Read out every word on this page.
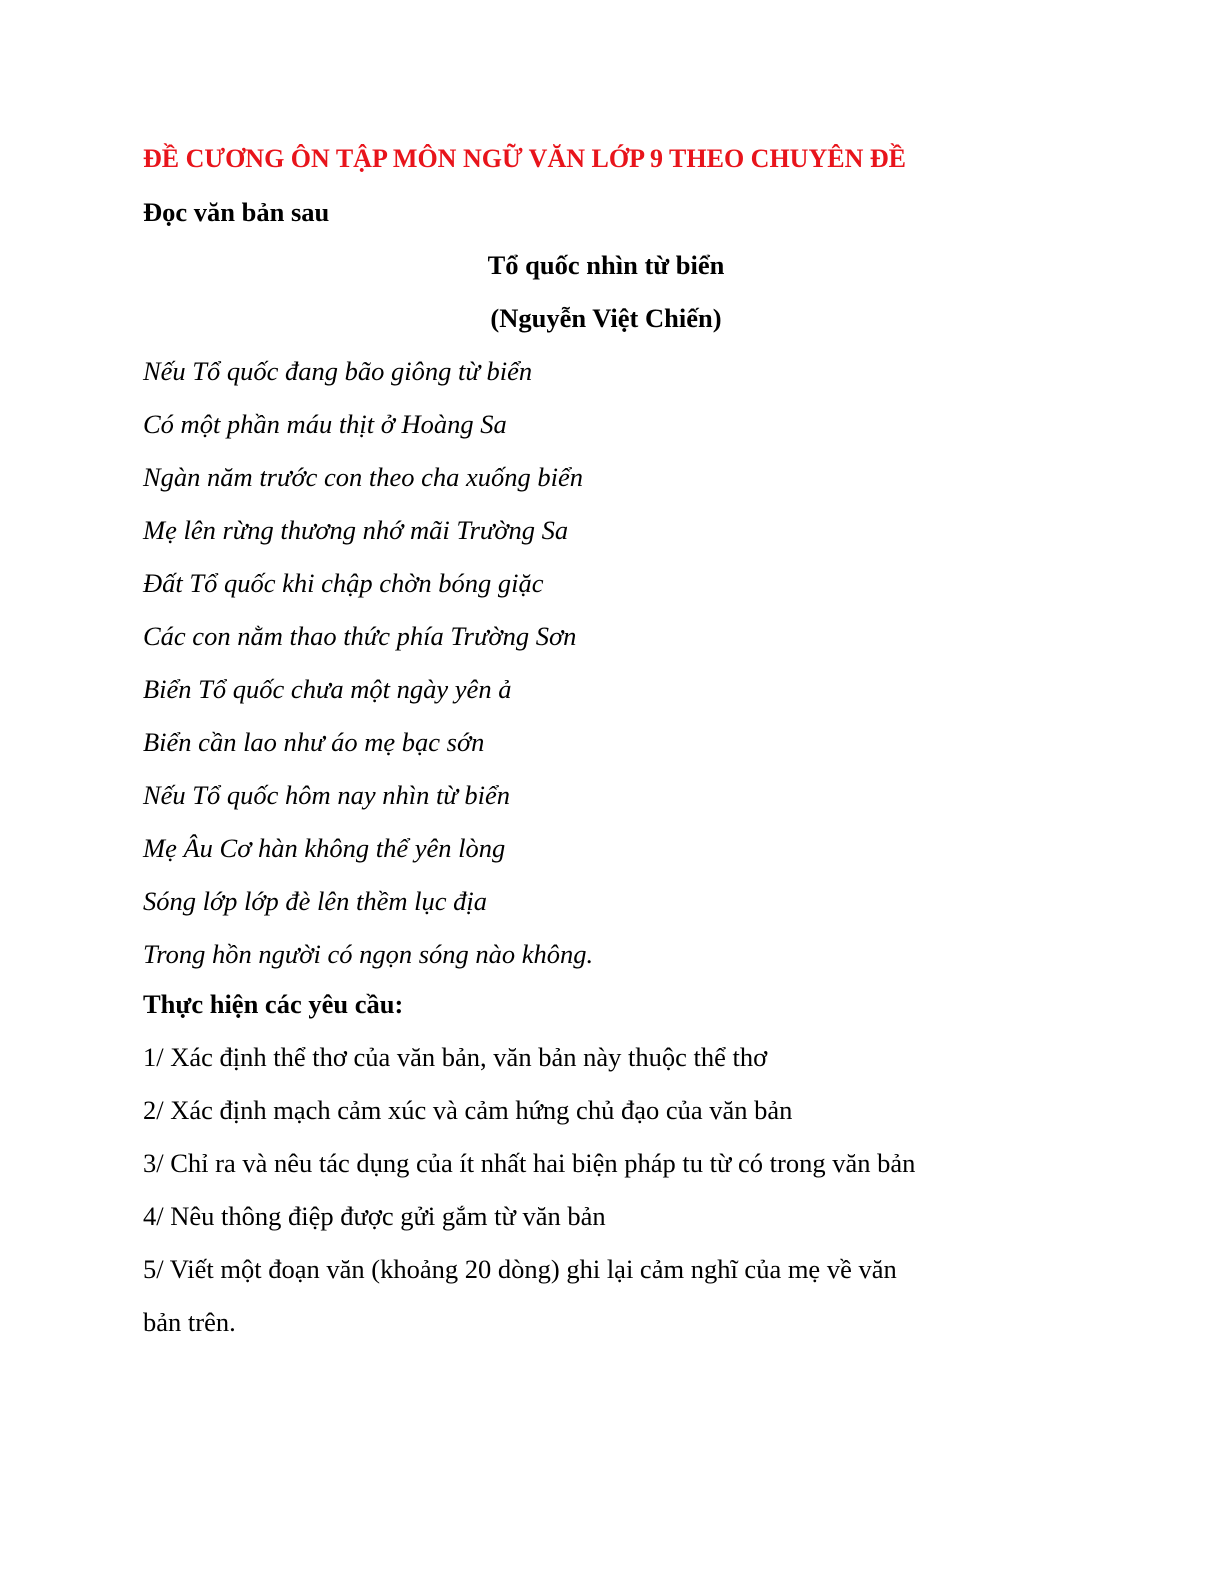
ĐỀ CƯƠNG ÔN TẬP MÔN NGỮ VĂN LỚP 9 THEO CHUYÊN ĐỀ
Đọc văn bản sau
Tổ quốc nhìn từ biển
(Nguyễn Việt Chiến)
Nếu Tổ quốc đang bão giông từ biển
Có một phần máu thịt ở Hoàng Sa
Ngàn năm trước con theo cha xuống biển
Mẹ lên rừng thương nhớ mãi Trường Sa
Đất Tổ quốc khi chập chờn bóng giặc
Các con nằm thao thức phía Trường Sơn
Biển Tổ quốc chưa một ngày yên ả
Biển cần lao như áo mẹ bạc sớn
Nếu Tổ quốc hôm nay nhìn từ biển
Mẹ Âu Cơ hàn không thể yên lòng
Sóng lớp lớp đè lên thềm lục địa
Trong hồn người có ngọn sóng nào không.
Thực hiện các yêu cầu:
1/ Xác định thể thơ của văn bản, văn bản này thuộc thể thơ
2/ Xác định mạch cảm xúc và cảm hứng chủ đạo của văn bản
3/ Chỉ ra và nêu tác dụng của ít nhất hai biện pháp tu từ có trong văn bản
4/ Nêu thông điệp được gửi gắm từ văn bản
5/ Viết một đoạn văn (khoảng 20 dòng) ghi lại cảm nghĩ của mẹ về văn
bản trên.
